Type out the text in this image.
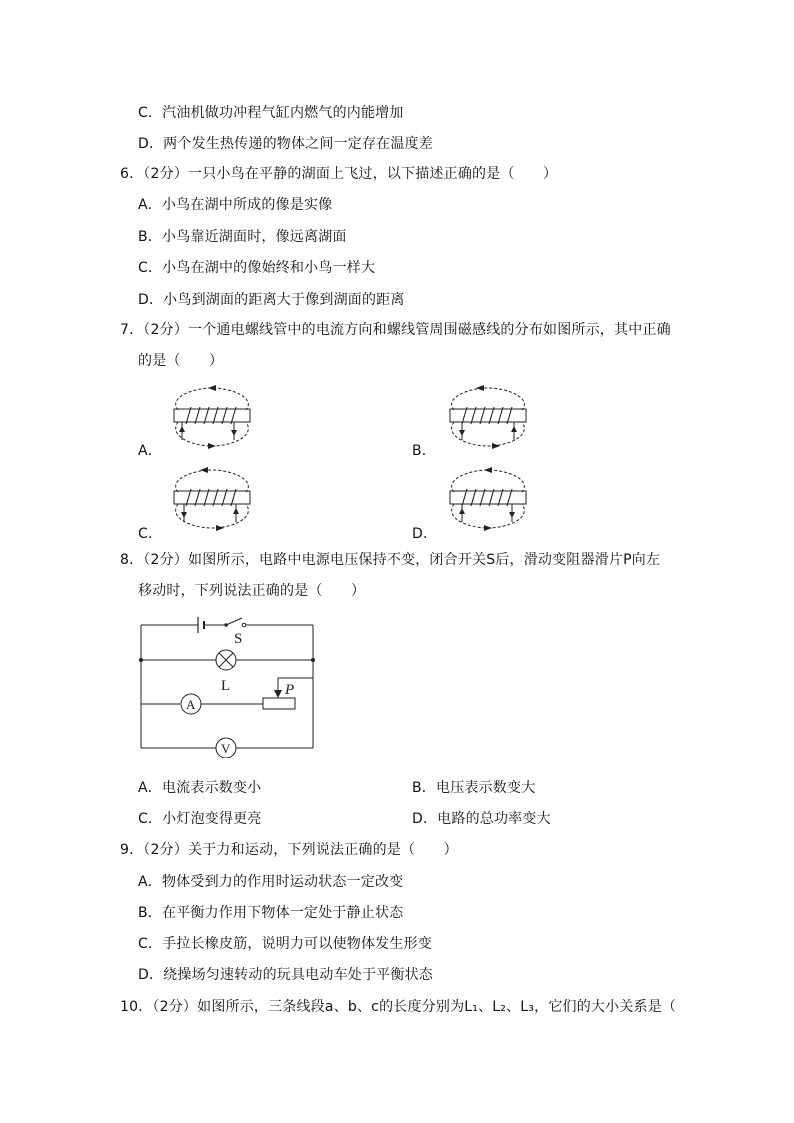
C．汽油机做功冲程气缸内燃气的内能增加
D．两个发生热传递的物体之间一定存在温度差
6．（2分）一只小鸟在平静的湖面上飞过，以下描述正确的是（　　）
A．小鸟在湖中所成的像是实像
B．小鸟靠近湖面时，像远离湖面
C．小鸟在湖中的像始终和小鸟一样大
D．小鸟到湖面的距离大于像到湖面的距离
7．（2分）一个通电螺线管中的电流方向和螺线管周围磁感线的分布如图所示，其中正确
的是（　　）
A．	B．
C．	D．
8．（2分）如图所示，电路中电源电压保持不变，闭合开关S后，滑动变阻器滑片P向左
移动时，下列说法正确的是（　　）
S
L
A
P
V
A．电流表示数变小	B．电压表示数变大
C．小灯泡变得更亮	D．电路的总功率变大
9．（2分）关于力和运动，下列说法正确的是（　　）
A．物体受到力的作用时运动状态一定改变
B．在平衡力作用下物体一定处于静止状态
C．手拉长橡皮筋，说明力可以使物体发生形变
D．绕操场匀速转动的玩具电动车处于平衡状态
10．（2分）如图所示，三条线段a、b、c的长度分别为L₁、L₂、L₃，它们的大小关系是（
